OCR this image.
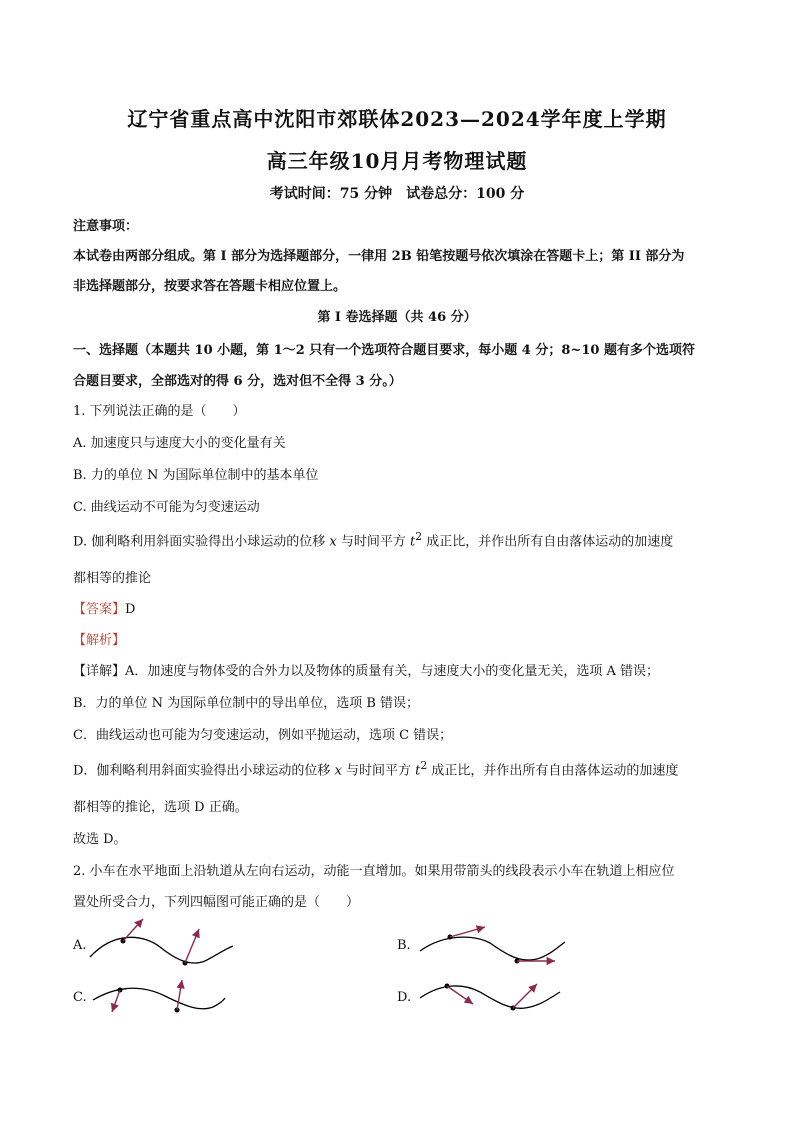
辽宁省重点高中沈阳市郊联体2023—2024学年度上学期
高三年级10月月考物理试题
考试时间：75 分钟　试卷总分：100 分
注意事项：
本试卷由两部分组成。第 I 部分为选择题部分，一律用 2B 铅笔按题号依次填涂在答题卡上；第 II 部分为
非选择题部分，按要求答在答题卡相应位置上。
第 I 卷选择题（共 46 分）
一、选择题（本题共 10 小题，第 1～2 只有一个选项符合题目要求，每小题 4 分；8~10 题有多个选项符
合题目要求，全部选对的得 6 分，选对但不全得 3 分。）
1. 下列说法正确的是（　　）
A. 加速度只与速度大小的变化量有关
B. 力的单位 N 为国际单位制中的基本单位
C. 曲线运动不可能为匀变速运动
D. 伽利略利用斜面实验得出小球运动的位移 x 与时间平方 $t^2$ 成正比，并作出所有自由落体运动的加速度
都相等的推论
【答案】D
【解析】
【详解】A．加速度与物体受的合外力以及物体的质量有关，与速度大小的变化量无关，选项 A 错误；
B．力的单位 N 为国际单位制中的导出单位，选项 B 错误；
C．曲线运动也可能为匀变速运动，例如平抛运动，选项 C 错误；
D．伽利略利用斜面实验得出小球运动的位移 x 与时间平方 $t^2$ 成正比，并作出所有自由落体运动的加速度
都相等的推论，选项 D 正确。
故选 D。
2. 小车在水平地面上沿轨道从左向右运动，动能一直增加。如果用带箭头的线段表示小车在轨道上相应位
置处所受合力，下列四幅图可能正确的是（　　）
A.	B.
C.	D.
